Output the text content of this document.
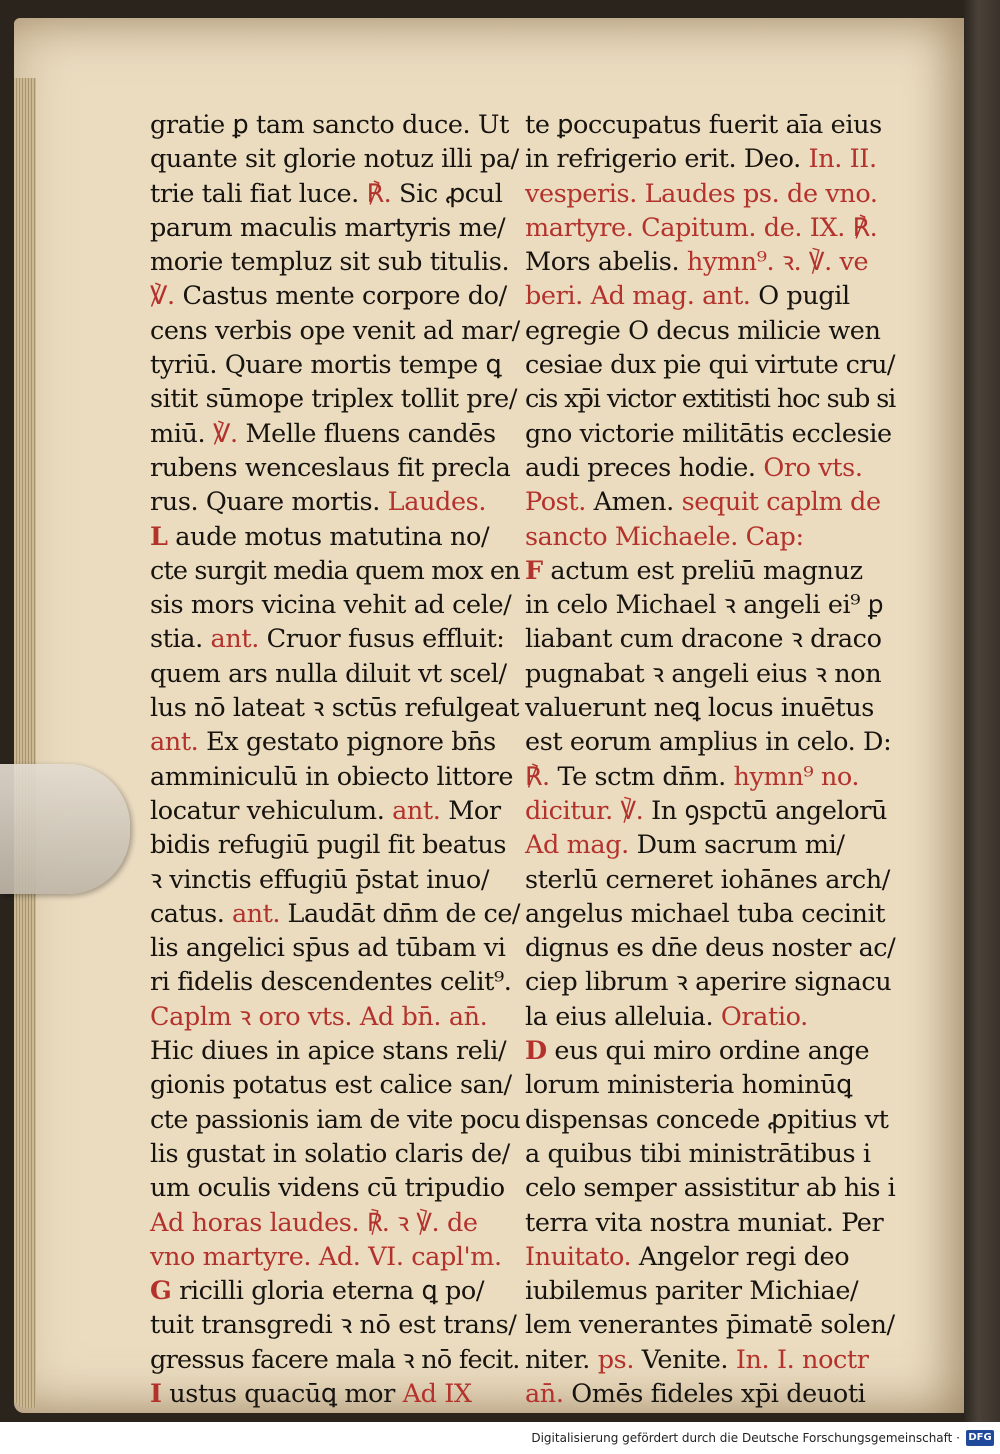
gratie ꝑ tam sancto duce. Ut
quante sit glorie notuz illi pa/
trie tali fiat luce. ℟. Sic ꝓcul
parum maculis martyris me/
morie templuz sit sub titulis.
℣. Castus mente corpore do/
cens verbis ope venit ad mar/
tyriū. Quare mortis tempe ꝗ
sitit sūmope triplex tollit pre/
miū. ℣. Melle fluens candēs
rubens wenceslaus fit precla
rus. Quare mortis. Laudes.
L aude motus matutina no/
cte surgit media quem mox en
sis mors vicina vehit ad cele/
stia. ant. Cruor fusus effluit:
quem ars nulla diluit vt scel/
lus nō lateat ꝛ sctūs refulgeat
ant. Ex gestato pignore bn̄s
amminiculū in obiecto littore
locatur vehiculum. ant. Mor
bidis refugiū pugil fit beatus
ꝛ vinctis effugiū p̄stat inuo/
catus. ant. Laudāt dn̄m de ce/
lis angelici sp̄us ad tūbam vi
ri fidelis descendentes celit⁹.
Caplm ꝛ oro vts. Ad bn̄. an̄.
Hic diues in apice stans reli/
gionis potatus est calice san/
cte passionis iam de vite pocu
lis gustat in solatio claris de/
um oculis videns cū tripudio
Ad horas laudes. ℟. ꝛ ℣. de
vno martyre. Ad. VI. capl'm.
G ricilli gloria eterna ꝗ po/
tuit transgredi ꝛ nō est trans/
gressus facere mala ꝛ nō fecit.
I ustus quacūꝗ mor Ad IX
te ꝑoccupatus fuerit aīa eius
in refrigerio erit. Deo. In. II.
vesperis. Laudes ps. de vno.
martyre. Capitum. de. IX. ℟.
Mors abelis. hymn⁹. ꝛ. ℣. ve
beri. Ad mag. ant. O pugil
egregie O decus milicie wen
cesiae dux pie qui virtute cru/
cis xp̄i victor extitisti hoc sub si
gno victorie militātis ecclesie
audi preces hodie. Oro vts.
Post. Amen. sequit caplm de
sancto Michaele. Cap:
F actum est preliū magnuz
in celo Michael ꝛ angeli ei⁹ ꝑ
liabant cum dracone ꝛ draco
pugnabat ꝛ angeli eius ꝛ non
valuerunt neꝗ locus inuētus
est eorum amplius in celo. D:
℟. Te sctm dn̄m. hymn⁹ no.
dicitur. ℣. In ꝯspctū angelorū
Ad mag. Dum sacrum mi/
sterlū cerneret iohānes arch/
angelus michael tuba cecinit
dignus es dn̄e deus noster ac/
ciep librum ꝛ aperire signacu
la eius alleluia. Oratio.
D eus qui miro ordine ange
lorum ministeria hominūꝗ
dispensas concede ꝓpitius vt
a quibus tibi ministrātibus i
celo semper assistitur ab his i
terra vita nostra muniat. Per
Inuitato. Angelor regi deo
iubilemus pariter Michiae/
lem venerantes p̄imatē solen/
niter. ps. Venite. In. I. noctr
an̄. Omēs fideles xp̄i deuoti
Digitalisierung gefördert durch die Deutsche Forschungsgemeinschaft · DFG
